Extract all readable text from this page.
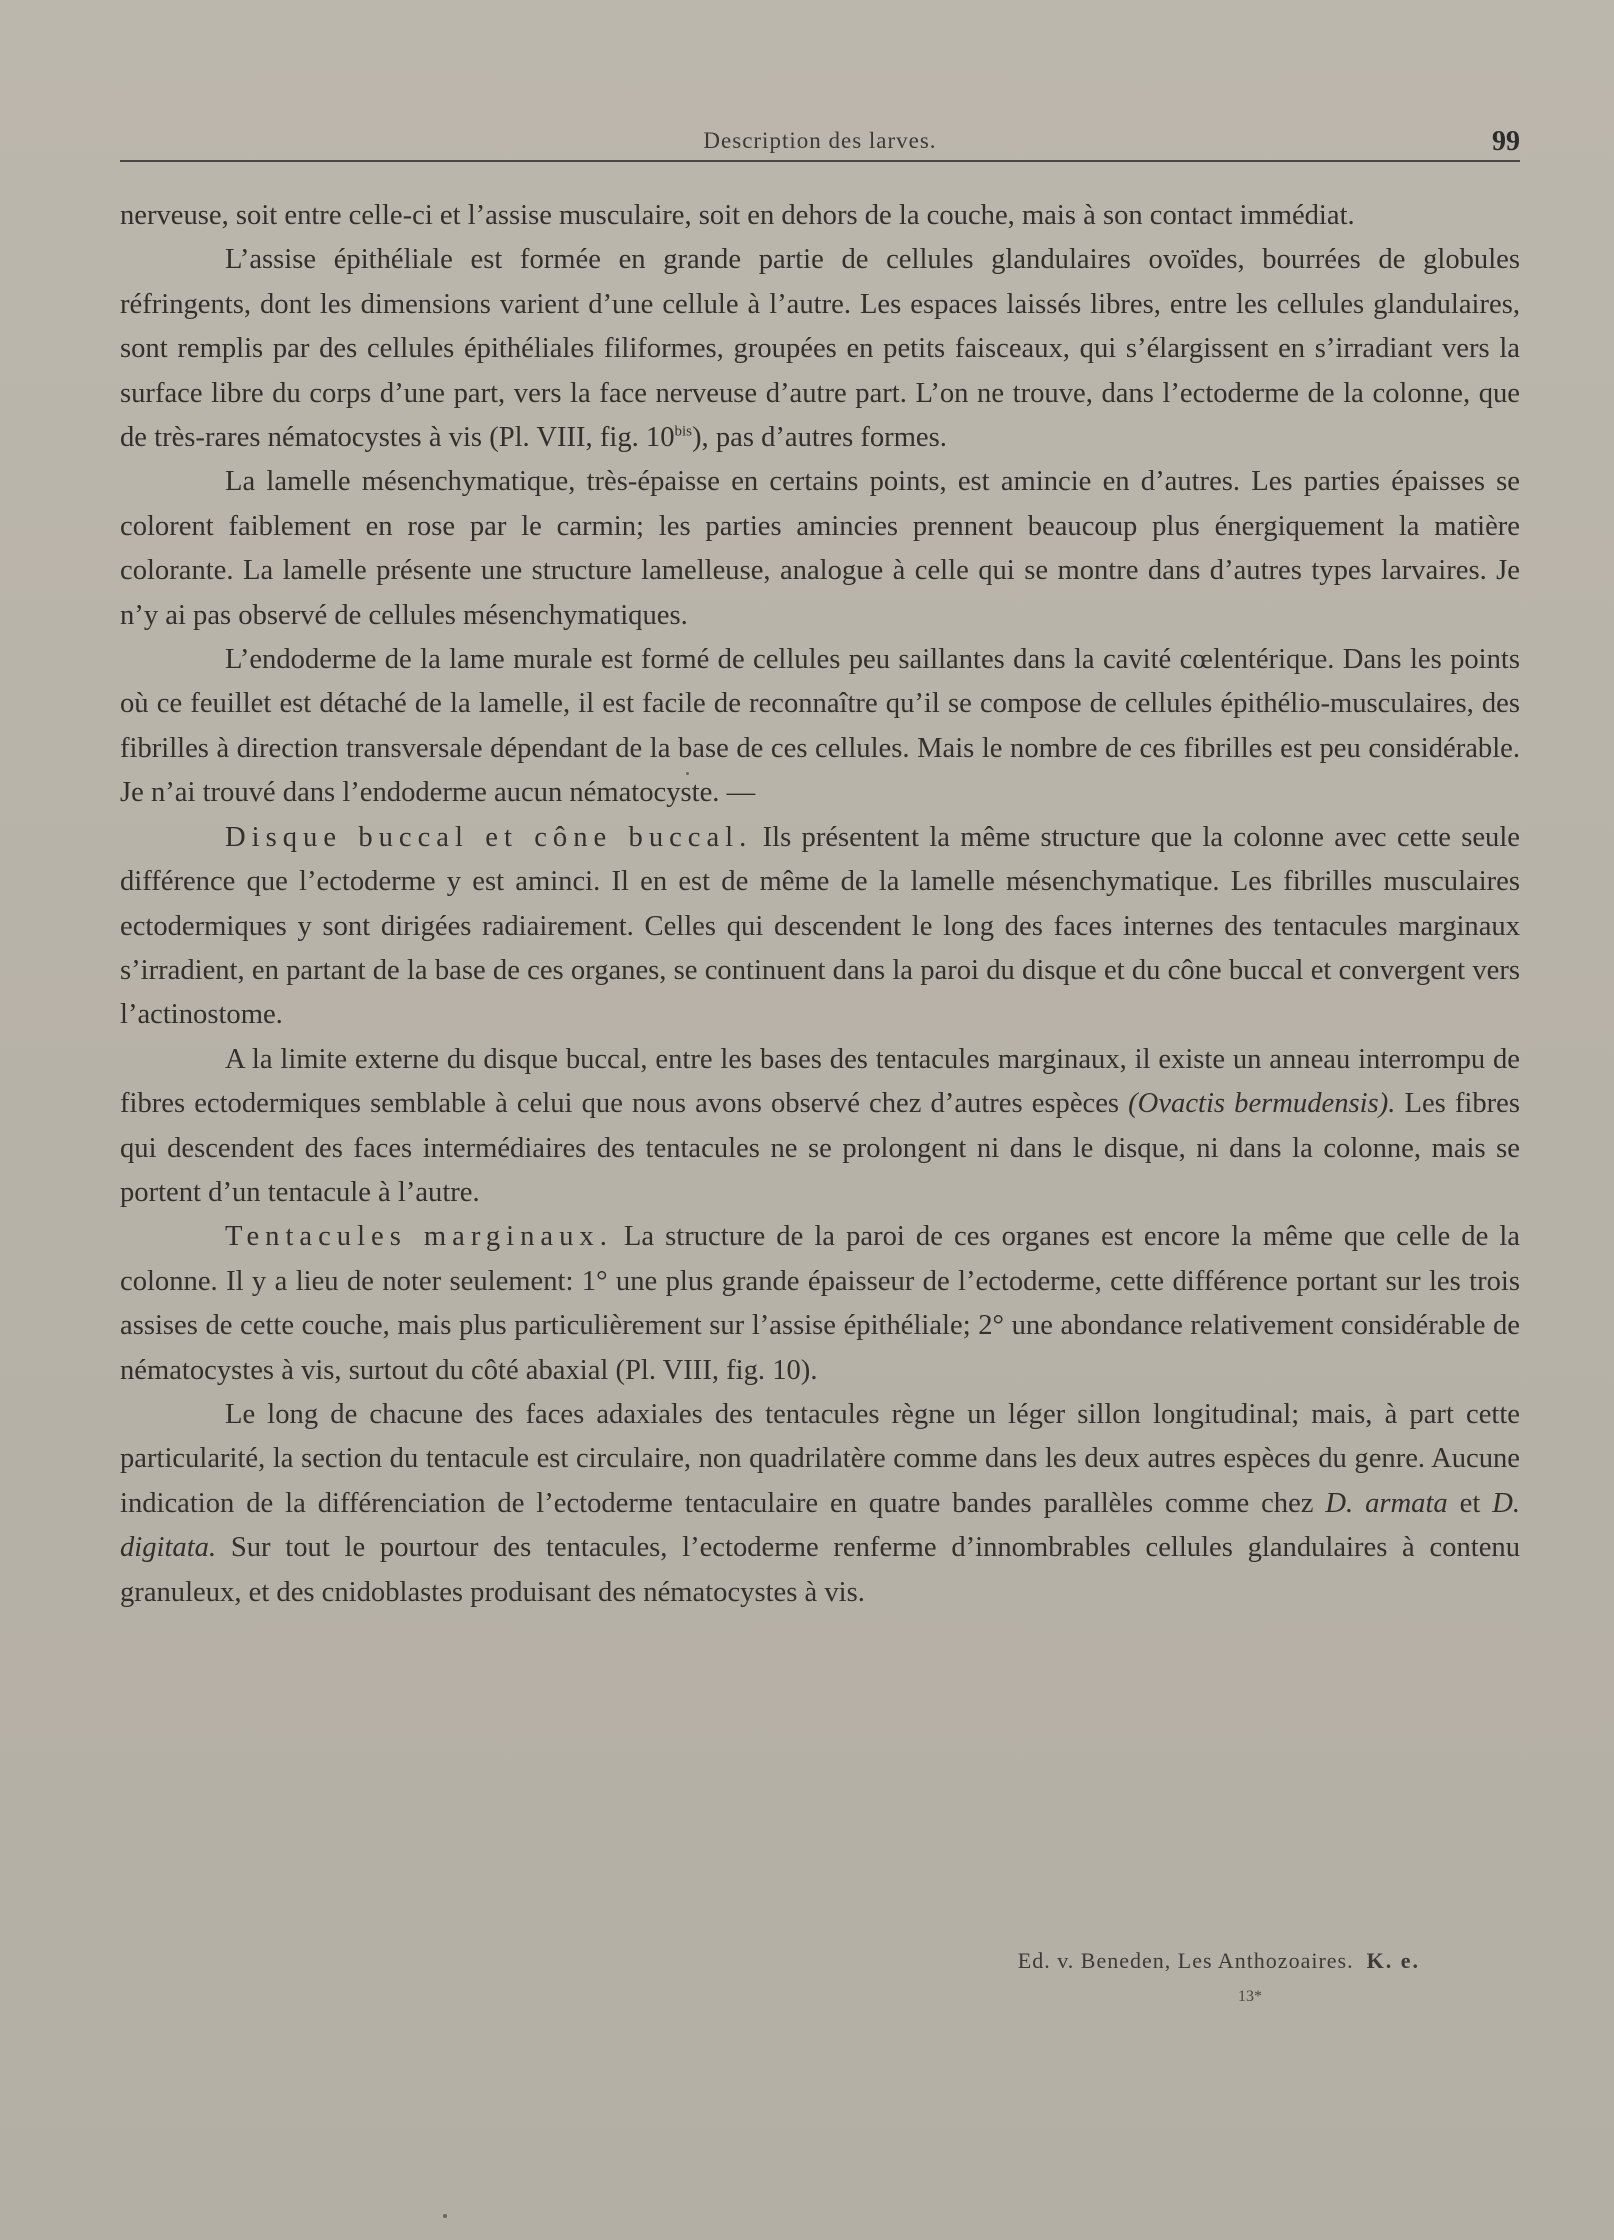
Description des larves.	99

nerveuse, soit entre celle-ci et l’assise musculaire, soit en dehors de la couche, mais à son contact immédiat.

L’assise épithéliale est formée en grande partie de cellules glandulaires ovoïdes, bourrées de globules réfringents, dont les dimensions varient d’une cellule à l’autre. Les espaces laissés libres, entre les cellules glandulaires, sont remplis par des cellules épithéliales filiformes, groupées en petits faisceaux, qui s’élargissent en s’irradiant vers la surface libre du corps d’une part, vers la face nerveuse d’autre part. L’on ne trouve, dans l’ectoderme de la colonne, que de très-rares nématocystes à vis (Pl. VIII, fig. $10^{bis}$), pas d’autres formes.

La lamelle mésenchymatique, très-épaisse en certains points, est amincie en d’autres. Les parties épaisses se colorent faiblement en rose par le carmin; les parties amincies prennent beaucoup plus énergiquement la matière colorante. La lamelle présente une structure lamelleuse, analogue à celle qui se montre dans d’autres types larvaires. Je n’y ai pas observé de cellules mésenchymatiques.

L’endoderme de la lame murale est formé de cellules peu saillantes dans la cavité cœlentérique. Dans les points où ce feuillet est détaché de la lamelle, il est facile de reconnaître qu’il se compose de cellules épithélio-musculaires, des fibrilles à direction transversale dépendant de la base de ces cellules. Mais le nombre de ces fibrilles est peu considérable. Je n’ai trouvé dans l’endoderme aucun nématocyste. —

Disque buccal et cône buccal. Ils présentent la même structure que la colonne avec cette seule différence que l’ectoderme y est aminci. Il en est de même de la lamelle mésenchymatique. Les fibrilles musculaires ectodermiques y sont dirigées radiairement. Celles qui descendent le long des faces internes des tentacules marginaux s’irradient, en partant de la base de ces organes, se continuent dans la paroi du disque et du cône buccal et convergent vers l’actinostome.

A la limite externe du disque buccal, entre les bases des tentacules marginaux, il existe un anneau interrompu de fibres ectodermiques semblable à celui que nous avons observé chez d’autres espèces (Ovactis bermudensis). Les fibres qui descendent des faces intermédiaires des tentacules ne se prolongent ni dans le disque, ni dans la colonne, mais se portent d’un tentacule à l’autre.

Tentacules marginaux. La structure de la paroi de ces organes est encore la même que celle de la colonne. Il y a lieu de noter seulement: 1° une plus grande épaisseur de l’ectoderme, cette différence portant sur les trois assises de cette couche, mais plus particulièrement sur l’assise épithéliale; 2° une abondance relativement considérable de nématocystes à vis, surtout du côté abaxial (Pl. VIII, fig. 10).

Le long de chacune des faces adaxiales des tentacules règne un léger sillon longitudinal; mais, à part cette particularité, la section du tentacule est circulaire, non quadrilatère comme dans les deux autres espèces du genre. Aucune indication de la différenciation de l’ectoderme tentaculaire en quatre bandes parallèles comme chez D. armata et D. digitata. Sur tout le pourtour des tentacules, l’ectoderme renferme d’innombrables cellules glandulaires à contenu granuleux, et des cnidoblastes produisant des nématocystes à vis.

Ed. v. Beneden, Les Anthozoaires. K. e.
13*
